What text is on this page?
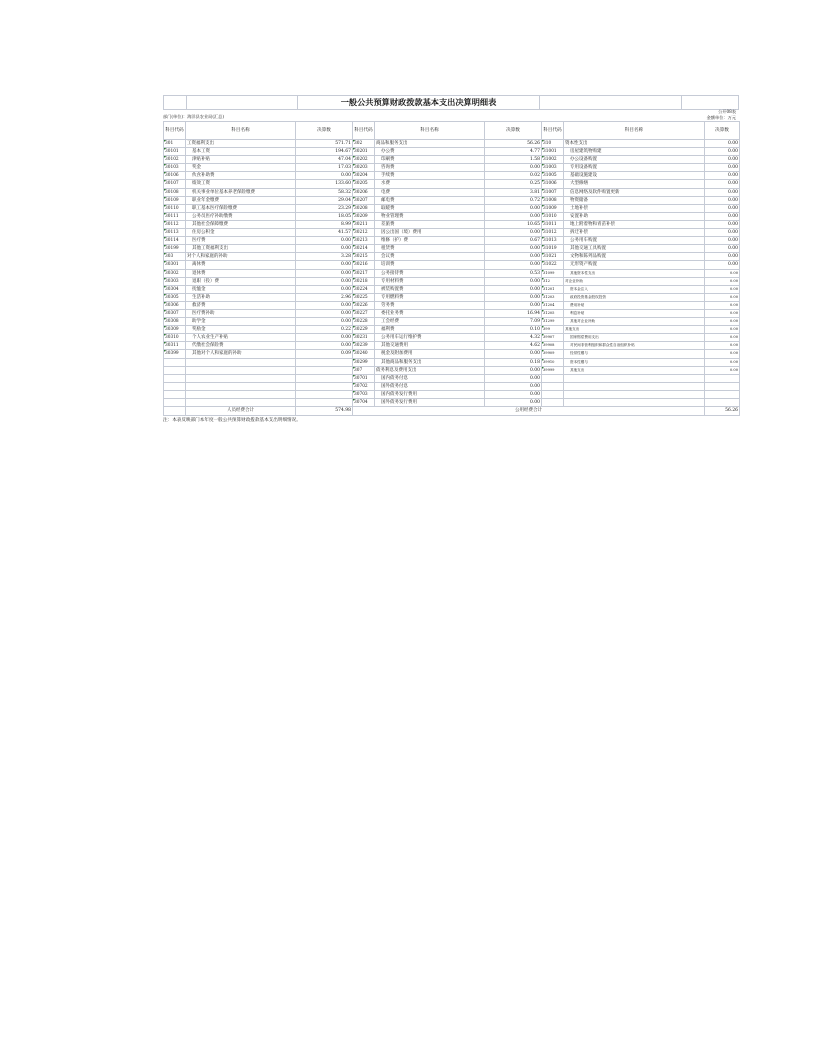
一般公共预算财政拨款基本支出决算明细表
部门(单位)：海洋县农业局(汇总)
公开08表
金额单位：万元
科目代码	科目名称	决算数	科目代码	科目名称	决算数	科目代码	科目名称	决算数
301	工资福利支出	571.71	302	商品和服务支出	56.26	310	资本性支出	0.00
30101	基本工资	194.67	30201	办公费	4.77	31001	房屋建筑物购建	0.00
30102	津贴补贴	47.04	30202	印刷费	1.58	31002	办公设备购置	0.00
30103	奖金	17.03	30203	咨询费	0.00	31003	专用设备购置	0.00
30106	伙食补助费	0.00	30204	手续费	0.02	31005	基础设施建设	0.00
30107	绩效工资	133.60	30205	水费	0.25	31006	大型修缮	0.00
30108	机关事业单位基本养老保险缴费	58.32	30206	电费	3.81	31007	信息网络及软件购置更新	0.00
30109	职业年金缴费	29.04	30207	邮电费	0.72	31008	物资储备	0.00
30110	职工基本医疗保险缴费	23.29	30208	取暖费	0.00	31009	土地补偿	0.00
30111	公务员医疗补助缴费	18.05	30209	物业管理费	0.00	31010	安置补助	0.00
30112	其他社会保障缴费	8.99	30211	差旅费	10.65	31011	地上附着物和青苗补偿	0.00
30113	住房公积金	41.57	30212	因公出国（境）费用	0.00	31012	拆迁补偿	0.00
30114	医疗费	0.00	30213	维修（护）费	0.67	31013	公务用车购置	0.00
30199	其他工资福利支出	0.00	30214	租赁费	0.00	31019	其他交通工具购置	0.00
303	对个人和家庭的补助	3.28	30215	会议费	0.00	31021	文物和陈列品购置	0.00
30301	离休费	0.00	30216	培训费	0.00	31022	无形资产购置	0.00
30302	退休费	0.00	30217	公务接待费	0.53	31099	其他资本性支出	0.00
30303	退职（役）费	0.00	30218	专用材料费	0.00	312	对企业补助	0.00
30304	抚恤金	0.00	30224	被装购置费	0.00	31201	资本金注入	0.00
30305	生活补助	2.96	30225	专用燃料费	0.00	31203	政府投资基金股权投资	0.00
30306	救济费	0.00	30226	劳务费	0.00	31204	费用补贴	0.00
30307	医疗费补助	0.00	30227	委托业务费	16.94	31205	利息补贴	0.00
30308	助学金	0.00	30228	工会经费	7.09	31299	其他对企业补助	0.00
30309	奖励金	0.22	30229	福利费	0.10	399	其他支出	0.00
30310	个人农业生产补贴	0.00	30231	公务用车运行维护费	4.32	39907	国家赔偿费用支出	0.00
30311	代缴社会保险费	0.00	30239	其他交通费用	4.62	39908	对民间非营利组织和群众性自治组织补贴	0.00
30399	其他对个人和家庭的补助	0.09	30240	税金及附加费用	0.00	39909	经常性赠与	0.00
			30299	其他商品和服务支出	0.18	39910	资本性赠与	0.00
			307	债务利息及费用支出	0.00	39999	其他支出	0.00
			30701	国内债务付息	0.00			
			30702	国外债务付息	0.00			
			30703	国内债务发行费用	0.00			
			30704	国外债务发行费用	0.00			
	人员经费合计	574.98	公用经费合计					56.26
注：本表反映部门本年度一般公共预算财政拨款基本支出明细情况。
